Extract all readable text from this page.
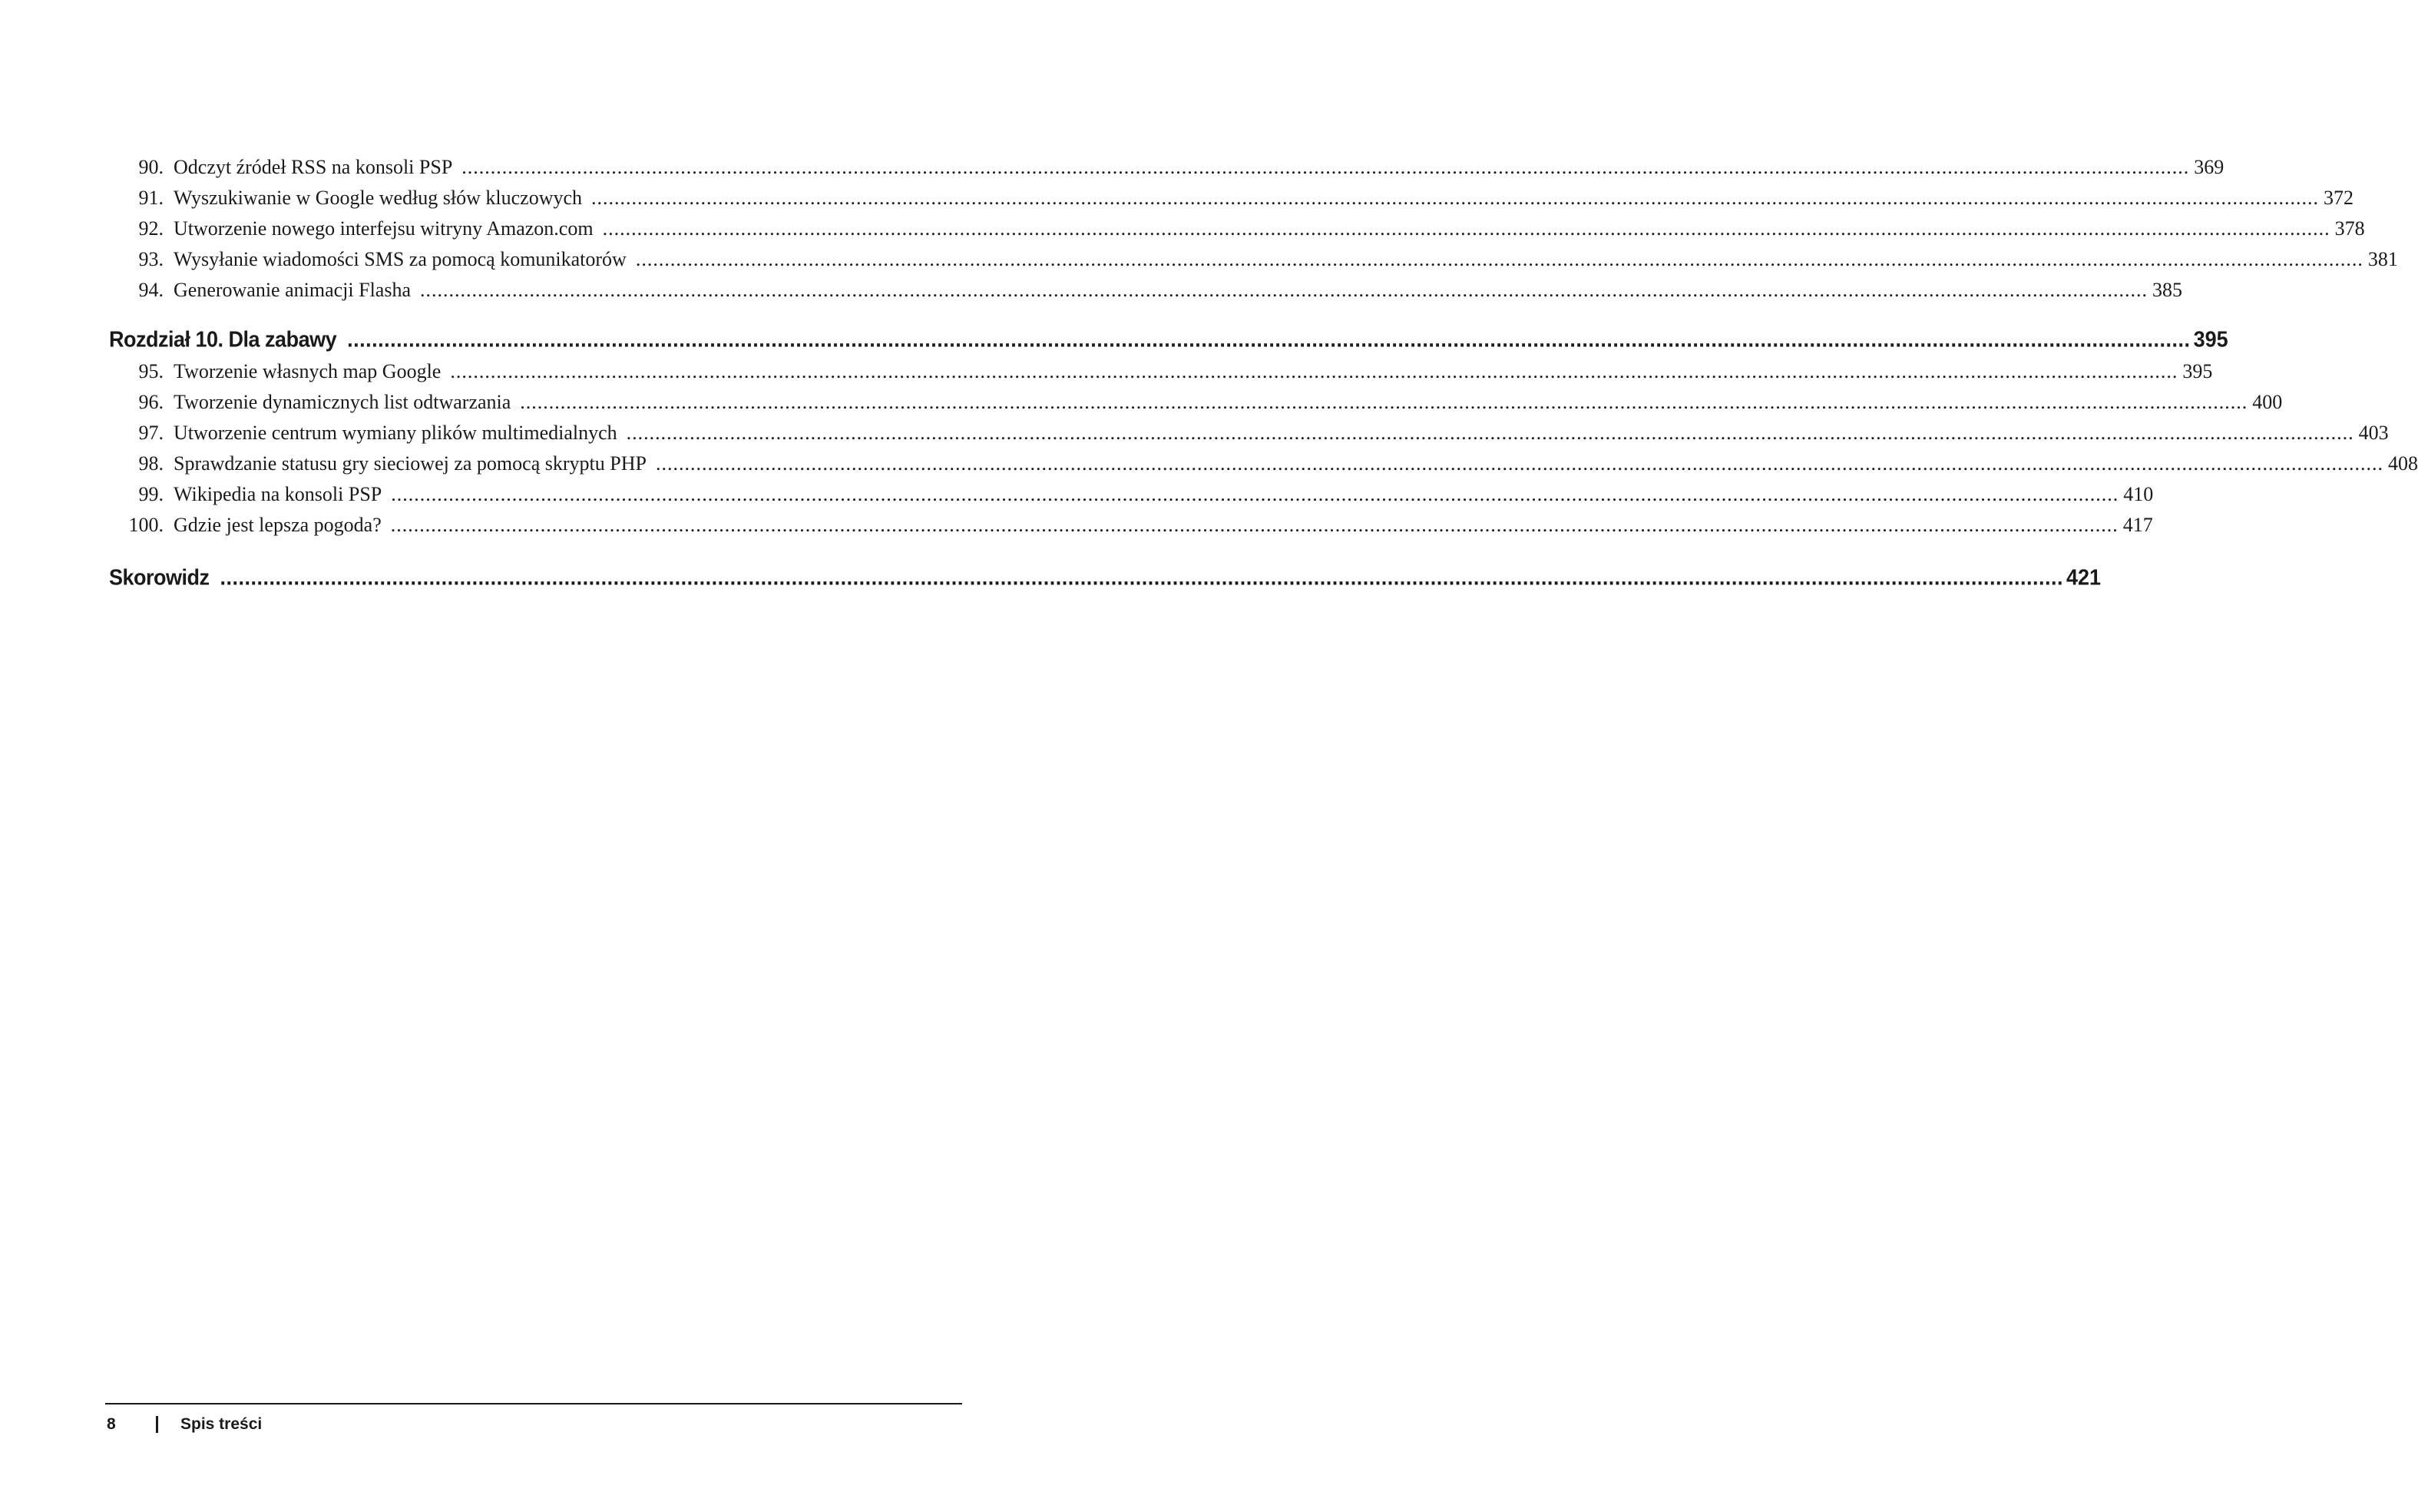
90. Odczyt źródeł RSS na konsoli PSP ............................................................................................................................................................................................................................................................................................................ 369
91. Wyszukiwanie w Google według słów kluczowych ............................................................................................................................................................................................................................................................................................................ 372
92. Utworzenie nowego interfejsu witryny Amazon.com ............................................................................................................................................................................................................................................................................................................ 378
93. Wysyłanie wiadomości SMS za pomocą komunikatorów ............................................................................................................................................................................................................................................................................................................ 381
94. Generowanie animacji Flasha ............................................................................................................................................................................................................................................................................................................ 385
Rozdział 10. Dla zabawy ............................................................................................................................................................................................................................................................................................................ 395
95. Tworzenie własnych map Google ............................................................................................................................................................................................................................................................................................................ 395
96. Tworzenie dynamicznych list odtwarzania ............................................................................................................................................................................................................................................................................................................ 400
97. Utworzenie centrum wymiany plików multimedialnych ............................................................................................................................................................................................................................................................................................................ 403
98. Sprawdzanie statusu gry sieciowej za pomocą skryptu PHP ............................................................................................................................................................................................................................................................................................................ 408
99. Wikipedia na konsoli PSP ............................................................................................................................................................................................................................................................................................................ 410
100. Gdzie jest lepsza pogoda? ............................................................................................................................................................................................................................................................................................................ 417
Skorowidz ............................................................................................................................................................................................................................................................................................................ 421
8	Spis treści
